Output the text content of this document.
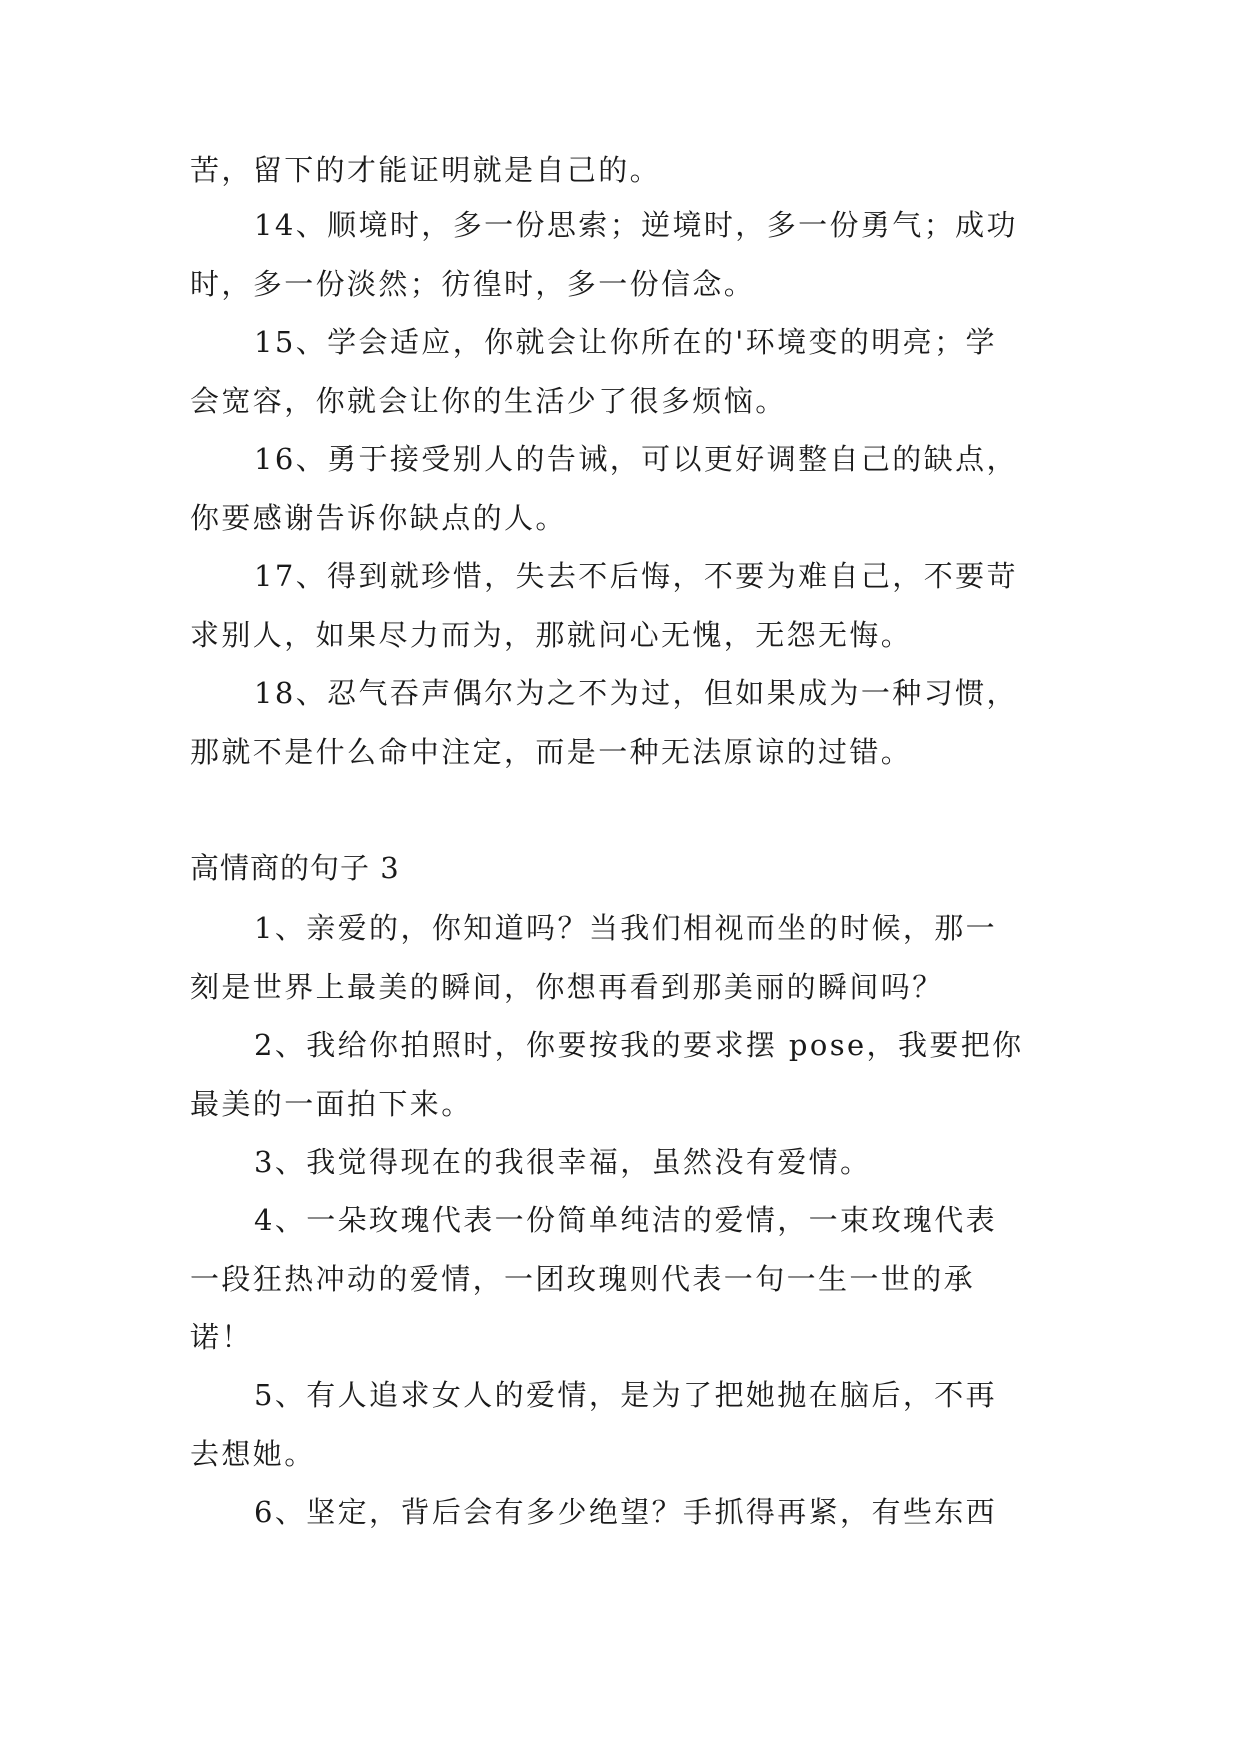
苦，留下的才能证明就是自己的。
14、顺境时，多一份思索；逆境时，多一份勇气；成功
时，多一份淡然；彷徨时，多一份信念。
15、学会适应，你就会让你所在的'环境变的明亮；学
会宽容，你就会让你的生活少了很多烦恼。
16、勇于接受别人的告诫，可以更好调整自己的缺点，
你要感谢告诉你缺点的人。
17、得到就珍惜，失去不后悔，不要为难自己，不要苛
求别人，如果尽力而为，那就问心无愧，无怨无悔。
18、忍气吞声偶尔为之不为过，但如果成为一种习惯，
那就不是什么命中注定，而是一种无法原谅的过错。
高情商的句子 3
1、亲爱的，你知道吗？当我们相视而坐的时候，那一
刻是世界上最美的瞬间，你想再看到那美丽的瞬间吗？
2、我给你拍照时，你要按我的要求摆 pose，我要把你
最美的一面拍下来。
3、我觉得现在的我很幸福，虽然没有爱情。
4、一朵玫瑰代表一份简单纯洁的爱情，一束玫瑰代表
一段狂热冲动的爱情，一团玫瑰则代表一句一生一世的承
诺！
5、有人追求女人的爱情，是为了把她抛在脑后，不再
去想她。
6、坚定，背后会有多少绝望？手抓得再紧，有些东西
